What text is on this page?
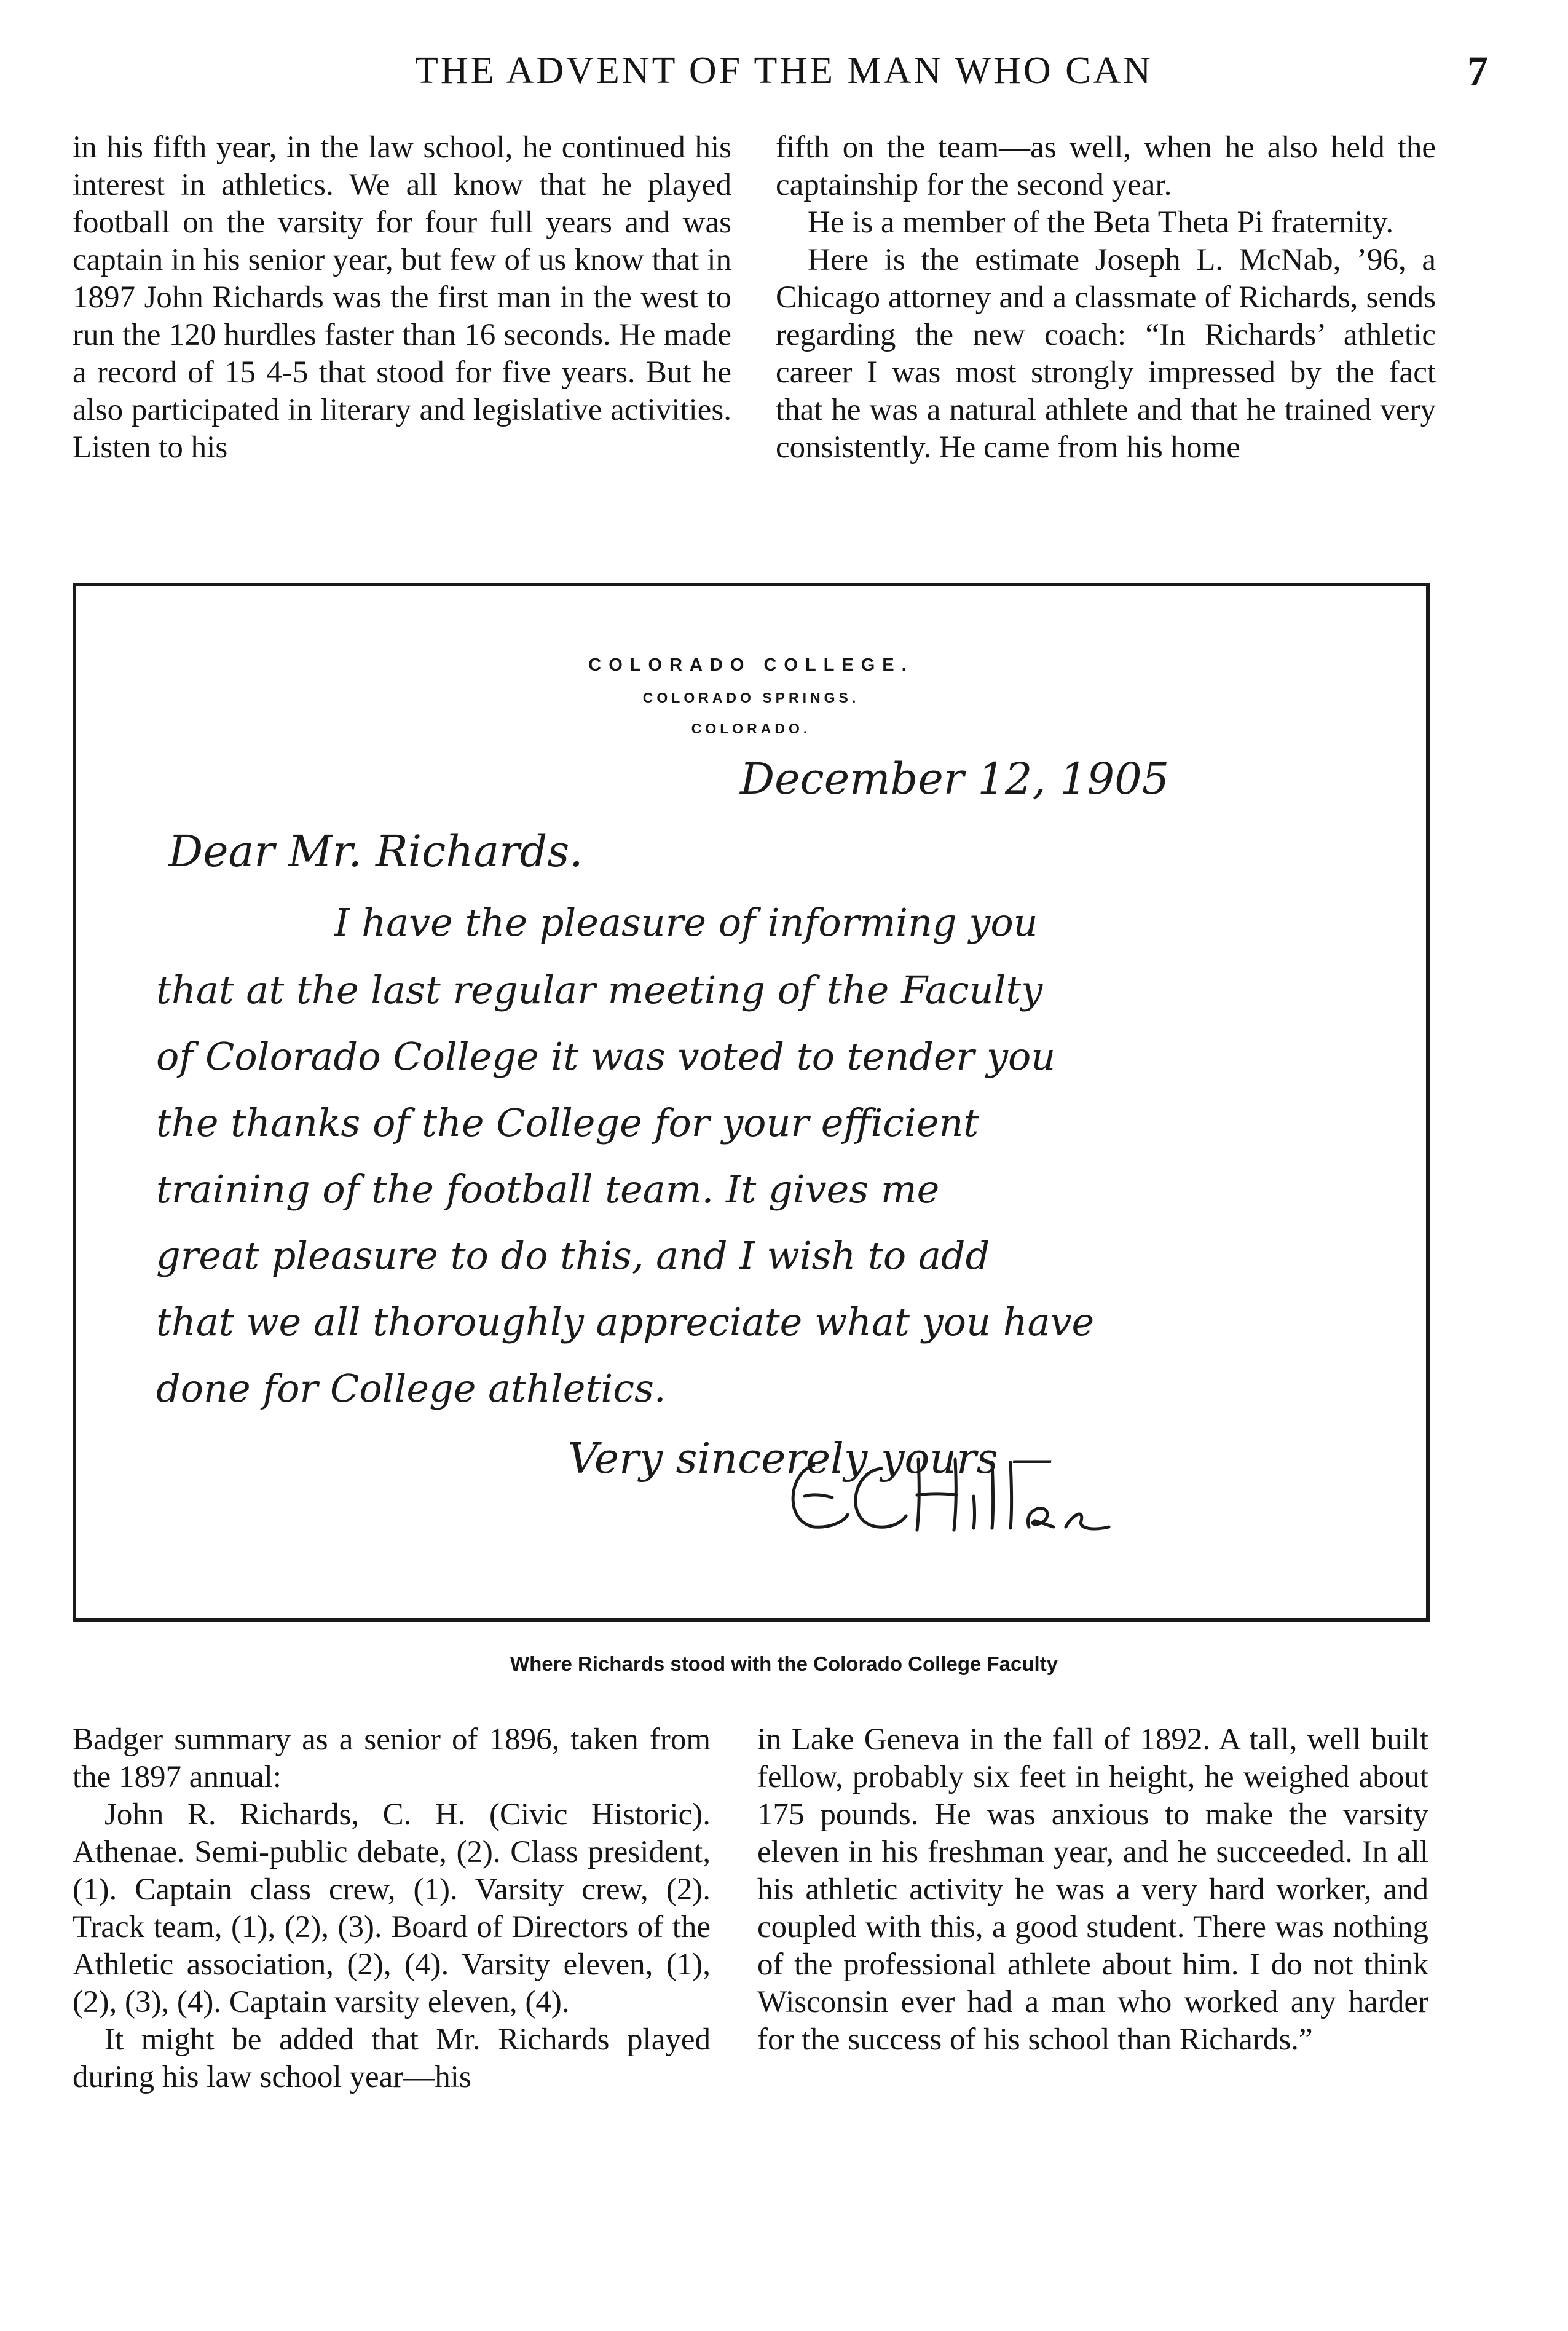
THE ADVENT OF THE MAN WHO CAN	7

in his fifth year, in the law school, he continued his interest in athletics. We all know that he played football on the varsity for four full years and was captain in his senior year, but few of us know that in 1897 John Richards was the first man in the west to run the 120 hurdles faster than 16 seconds. He made a record of 15 4-5 that stood for five years. But he also participated in literary and legislative activities. Listen to his

fifth on the team—as well, when he also held the captainship for the second year.

He is a member of the Beta Theta Pi fraternity.

Here is the estimate Joseph L. McNab, ’96, a Chicago attorney and a classmate of Richards, sends regarding the new coach: “In Richards’ athletic career I was most strongly impressed by the fact that he was a natural athlete and that he trained very consistently. He came from his home

COLORADO COLLEGE.
COLORADO SPRINGS.
COLORADO.
December 12, 1905
Dear Mr. Richards.
I have the pleasure of informing you
that at the last regular meeting of the Faculty
of Colorado College it was voted to tender you
the thanks of the College for your efficient
training of the football team. It gives me
great pleasure to do this, and I wish to add
that we all thoroughly appreciate what you have
done for College athletics.
Very sincerely yours —
Where Richards stood with the Colorado College Faculty

Badger summary as a senior of 1896, taken from the 1897 annual:

John R. Richards, C. H. (Civic Historic). Athenae. Semi-public debate, (2). Class president, (1). Captain class crew, (1). Varsity crew, (2). Track team, (1), (2), (3). Board of Directors of the Athletic association, (2), (4). Varsity eleven, (1), (2), (3), (4). Captain varsity eleven, (4).

It might be added that Mr. Richards played during his law school year—his

in Lake Geneva in the fall of 1892. A tall, well built fellow, probably six feet in height, he weighed about 175 pounds. He was anxious to make the varsity eleven in his freshman year, and he succeeded. In all his athletic activity he was a very hard worker, and coupled with this, a good student. There was nothing of the professional athlete about him. I do not think Wisconsin ever had a man who worked any harder for the success of his school than Richards.”
